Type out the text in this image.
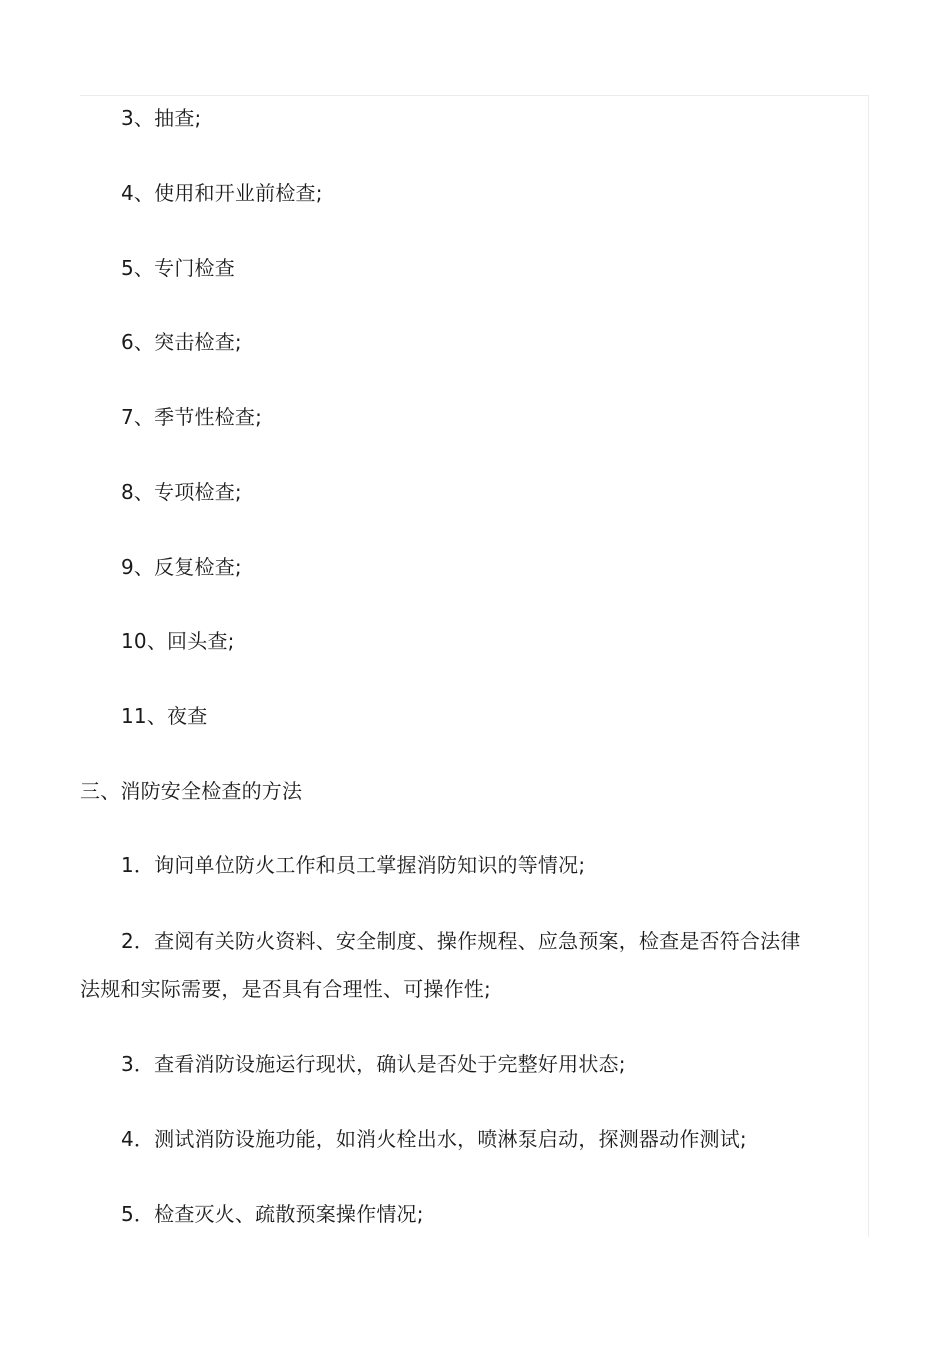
3、抽查;
4、使用和开业前检查;
5、专门检查
6、突击检查;
7、季节性检查;
8、专项检查;
9、反复检查;
10、回头查;
11、夜查
三、消防安全检查的方法
1．询问单位防火工作和员工掌握消防知识的等情况;
2．查阅有关防火资料、安全制度、操作规程、应急预案，检查是否符合法律
法规和实际需要，是否具有合理性、可操作性;
3．查看消防设施运行现状，确认是否处于完整好用状态;
4．测试消防设施功能，如消火栓出水，喷淋泵启动，探测器动作测试;
5．检查灭火、疏散预案操作情况;
